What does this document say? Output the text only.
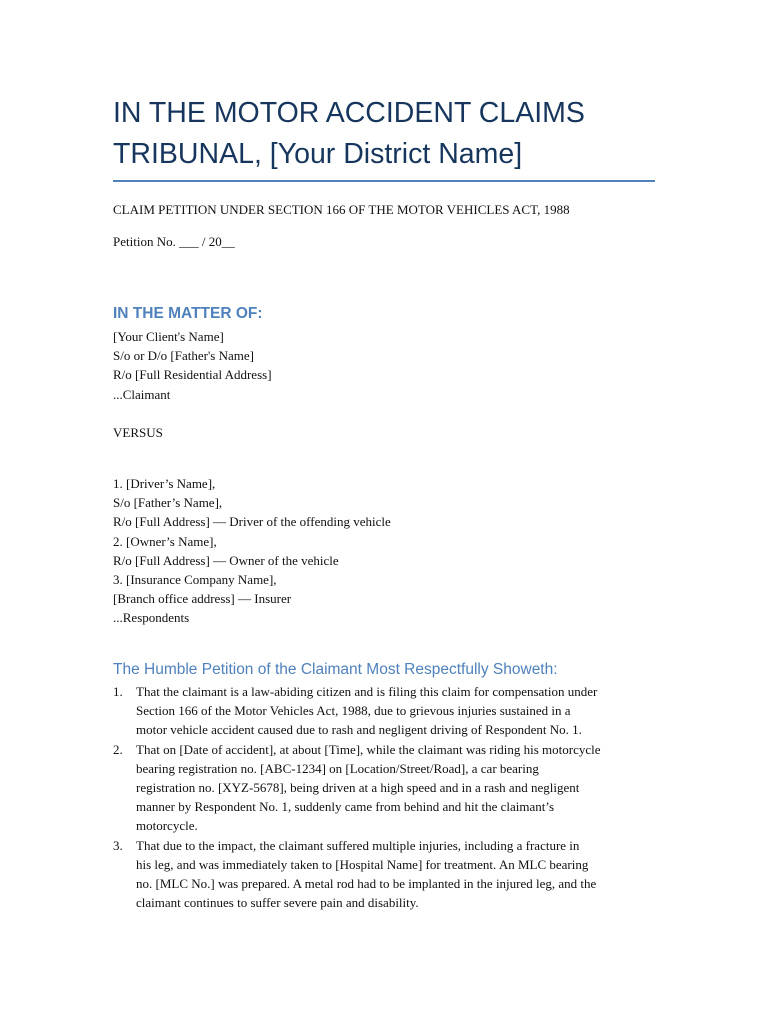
IN THE MOTOR ACCIDENT CLAIMS TRIBUNAL, [Your District Name]
CLAIM PETITION UNDER SECTION 166 OF THE MOTOR VEHICLES ACT, 1988
Petition No. ___ / 20__
IN THE MATTER OF:
[Your Client's Name]
S/o or D/o [Father's Name]
R/o [Full Residential Address]
...Claimant
VERSUS
1. [Driver’s Name],
S/o [Father’s Name],
R/o [Full Address] — Driver of the offending vehicle
2. [Owner’s Name],
R/o [Full Address] — Owner of the vehicle
3. [Insurance Company Name],
[Branch office address] — Insurer
...Respondents
The Humble Petition of the Claimant Most Respectfully Showeth:
1. That the claimant is a law-abiding citizen and is filing this claim for compensation under
Section 166 of the Motor Vehicles Act, 1988, due to grievous injuries sustained in a
motor vehicle accident caused due to rash and negligent driving of Respondent No. 1.
2. That on [Date of accident], at about [Time], while the claimant was riding his motorcycle
bearing registration no. [ABC-1234] on [Location/Street/Road], a car bearing
registration no. [XYZ-5678], being driven at a high speed and in a rash and negligent
manner by Respondent No. 1, suddenly came from behind and hit the claimant’s
motorcycle.
3. That due to the impact, the claimant suffered multiple injuries, including a fracture in
his leg, and was immediately taken to [Hospital Name] for treatment. An MLC bearing
no. [MLC No.] was prepared. A metal rod had to be implanted in the injured leg, and the
claimant continues to suffer severe pain and disability.
